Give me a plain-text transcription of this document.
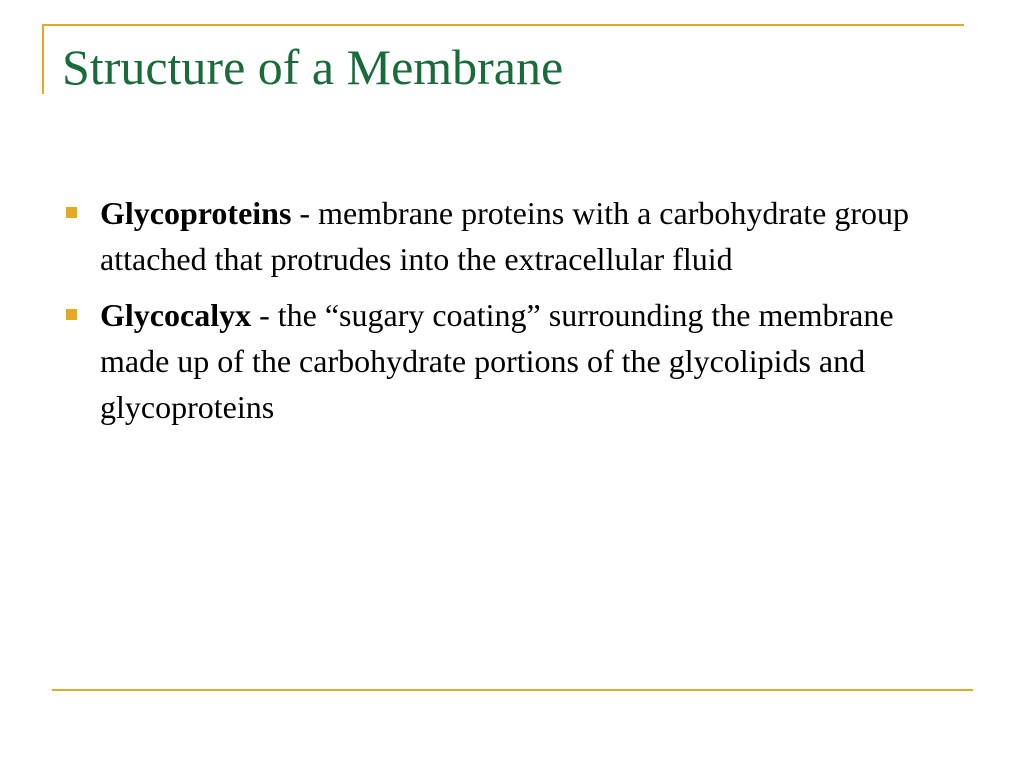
Structure of a Membrane
Glycoproteins - membrane proteins with a carbohydrate group attached that protrudes into the extracellular fluid
Glycocalyx - the “sugary coating” surrounding the membrane made up of the carbohydrate portions of the glycolipids and glycoproteins
